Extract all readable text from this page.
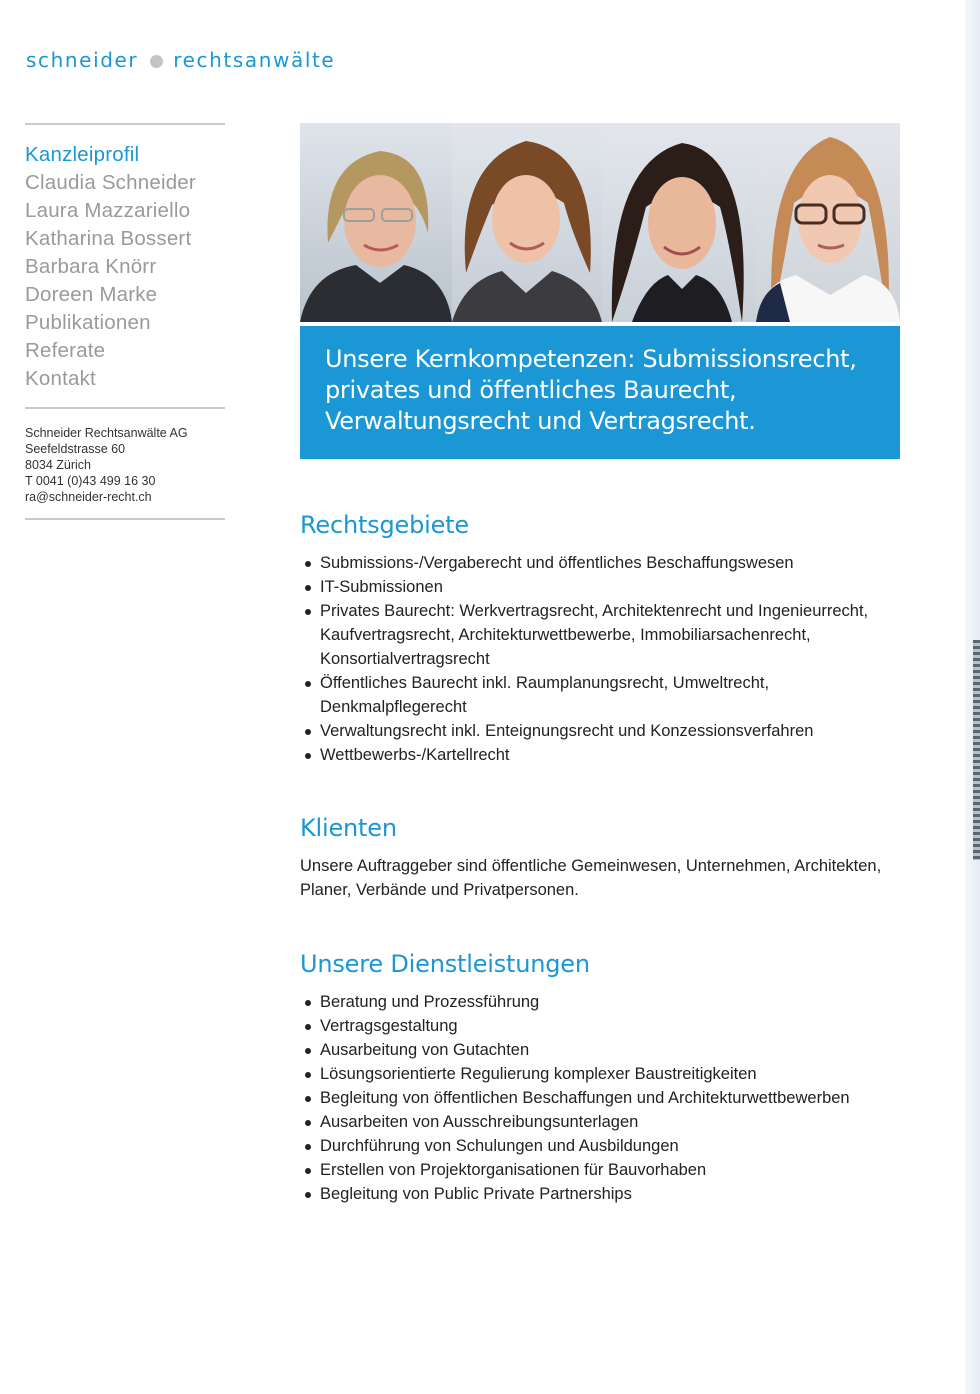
schneider rechtsanwälte
Kanzleiprofil
Claudia Schneider
Laura Mazzariello
Katharina Bossert
Barbara Knörr
Doreen Marke
Publikationen
Referate
Kontakt
Schneider Rechtsanwälte AG
Seefeldstrasse 60
8034 Zürich
T 0041 (0)43 499 16 30
ra@schneider-recht.ch
Unsere Kernkompetenzen: Submissionsrecht,
privates und öffentliches Baurecht,
Verwaltungsrecht und Vertragsrecht.
Rechtsgebiete
Submissions-/Vergaberecht und öffentliches Beschaffungswesen
IT-Submissionen
Privates Baurecht: Werkvertragsrecht, Architektenrecht und Ingenieurrecht, Kaufvertragsrecht, Architekturwettbewerbe, Immobiliarsachenrecht, Konsortialvertragsrecht
Öffentliches Baurecht inkl. Raumplanungsrecht, Umweltrecht, Denkmalpflegerecht
Verwaltungsrecht inkl. Enteignungsrecht und Konzessionsverfahren
Wettbewerbs-/Kartellrecht
Klienten

Unsere Auftraggeber sind öffentliche Gemeinwesen, Unternehmen, Architekten, Planer, Verbände und Privatpersonen.

Unsere Dienstleistungen
Beratung und Prozessführung
Vertragsgestaltung
Ausarbeitung von Gutachten
Lösungsorientierte Regulierung komplexer Baustreitigkeiten
Begleitung von öffentlichen Beschaffungen und Architekturwettbewerben
Ausarbeiten von Ausschreibungsunterlagen
Durchführung von Schulungen und Ausbildungen
Erstellen von Projektorganisationen für Bauvorhaben
Begleitung von Public Private Partnerships
